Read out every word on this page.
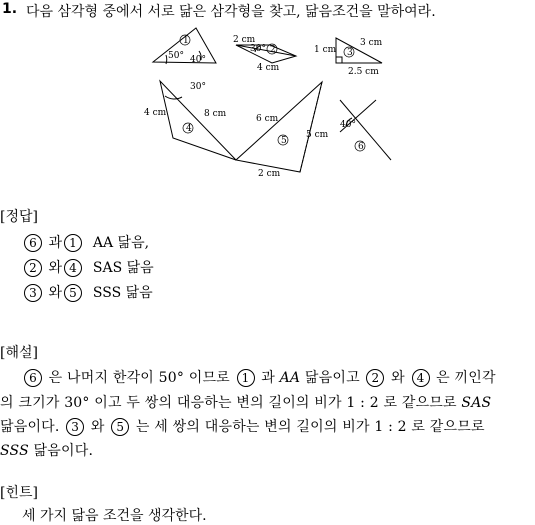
1. 다음 삼각형 중에서 서로 닮은 삼각형을 찾고, 닮음조건을 말하여라.
1
50° 40°
2 cm
30° 2
4 cm
1 cm
3 cm
3
2.5 cm
30°
4 cm	8 cm
4
6 cm
5
5 cm
2 cm
40°
6
[정답]
6 과 1 AA 닮음,
2 와 4 SAS 닮음
3 와 5 SSS 닮음
[해설]
6 은 나머지 한각이 50° 이므로 1 과 AA 닮음이고 2 와 4 은 끼인각
의 크기가 30° 이고 두 쌍의 대응하는 변의 길이의 비가 1 : 2 로 같으므로 SAS
닮음이다. 3 와 5 는 세 쌍의 대응하는 변의 길이의 비가 1 : 2 로 같으므로
SSS 닮음이다.
[힌트]
세 가지 닮음 조건을 생각한다.
